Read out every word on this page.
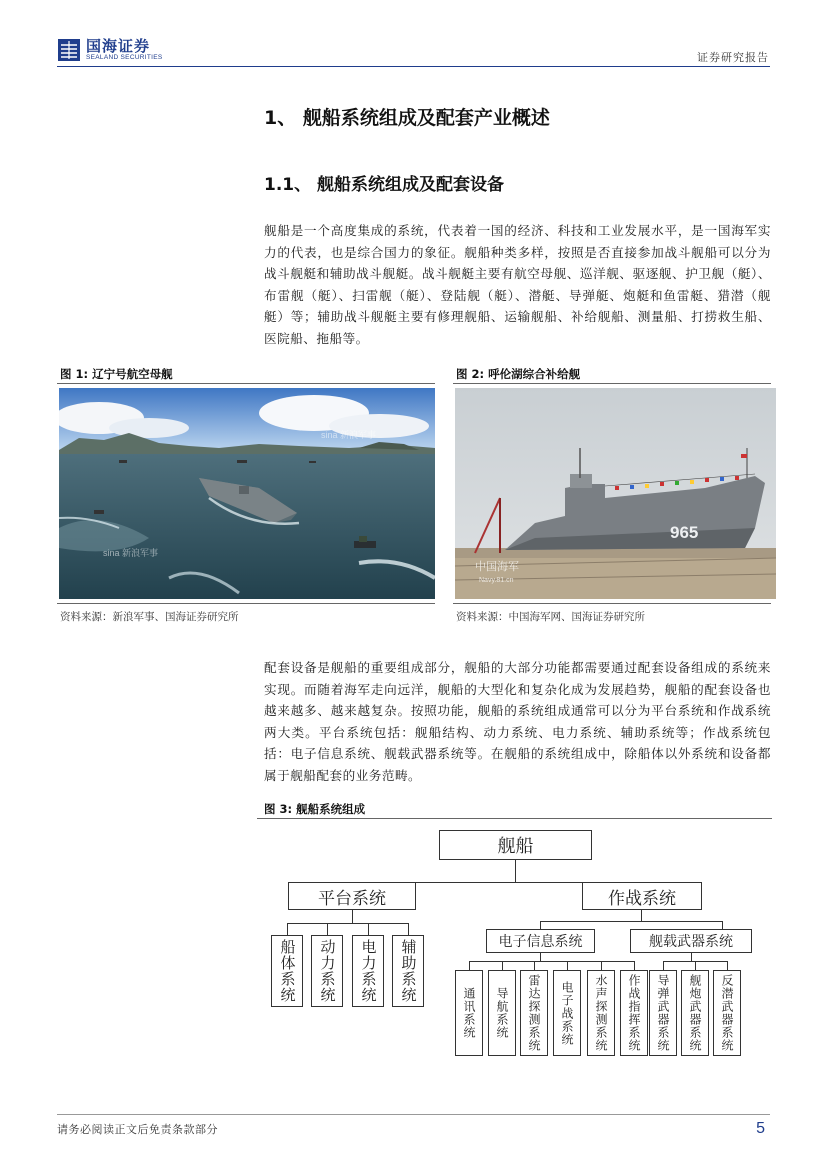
国海证券
SEALAND SECURITIES	证券研究报告
1、 舰船系统组成及配套产业概述
1.1、 舰船系统组成及配套设备
舰船是一个高度集成的系统，代表着一国的经济、科技和工业发展水平，是一国海军实力的代表，也是综合国力的象征。舰船种类多样，按照是否直接参加战斗舰船可以分为战斗舰艇和辅助战斗舰艇。战斗舰艇主要有航空母舰、巡洋舰、驱逐舰、护卫舰（艇）、布雷舰（艇）、扫雷舰（艇）、登陆舰（艇）、潜艇、导弹艇、炮艇和鱼雷艇、猎潜（舰艇）等；辅助战斗舰艇主要有修理舰船、运输舰船、补给舰船、测量船、打捞救生船、医院船、拖船等。
图 1: 辽宁号航空母舰
sina 新浪军事
sina 新浪军事
资料来源：新浪军事、国海证券研究所
图 2: 呼伦湖综合补给舰
965
中国海军
Navy.81.cn
资料来源：中国海军网、国海证券研究所
配套设备是舰船的重要组成部分，舰船的大部分功能都需要通过配套设备组成的系统来实现。而随着海军走向远洋，舰船的大型化和复杂化成为发展趋势，舰船的配套设备也越来越多、越来越复杂。按照功能，舰船的系统组成通常可以分为平台系统和作战系统两大类。平台系统包括：舰船结构、动力系统、电力系统、辅助系统等；作战系统包括：电子信息系统、舰载武器系统等。在舰船的系统组成中，除船体以外系统和设备都属于舰船配套的业务范畴。
图 3: 舰船系统组成
舰船
平台系统
船体系统	动力系统	电力系统	辅助系统
作战系统
电子信息系统
通讯系统	导航系统	雷达探测系统	电子战系统	水声探测系统	作战指挥系统
舰载武器系统
导弹武器系统	舰炮武器系统	反潜武器系统
请务必阅读正文后免责条款部分	5
